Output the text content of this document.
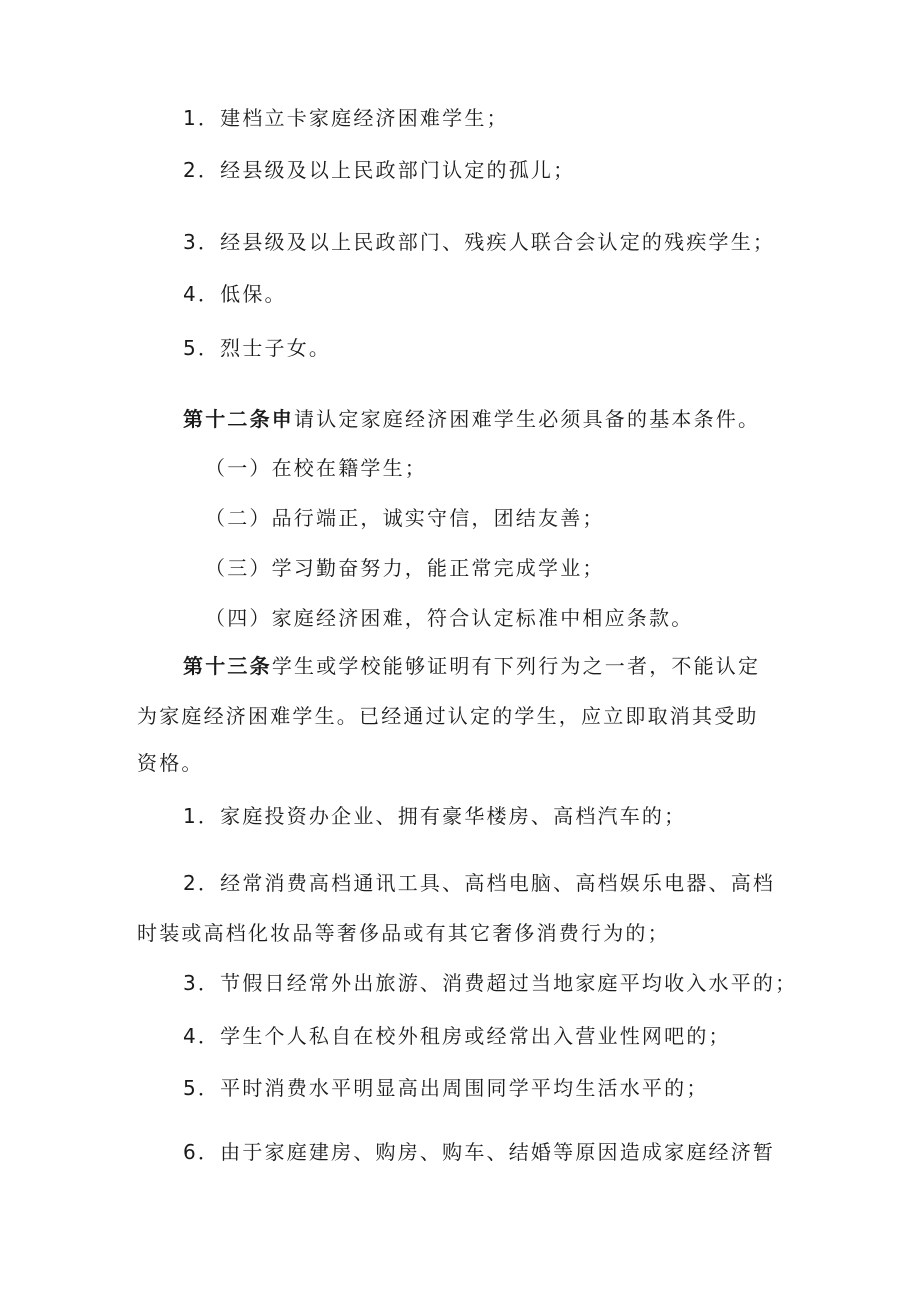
1．建档立卡家庭经济困难学生；
2．经县级及以上民政部门认定的孤儿；
3．经县级及以上民政部门、残疾人联合会认定的残疾学生；
4．低保。
5．烈士子女。
第十二条申请认定家庭经济困难学生必须具备的基本条件。
（一）在校在籍学生；
（二）品行端正，诚实守信，团结友善；
（三）学习勤奋努力，能正常完成学业；
（四）家庭经济困难，符合认定标准中相应条款。
第十三条学生或学校能够证明有下列行为之一者，不能认定
为家庭经济困难学生。已经通过认定的学生，应立即取消其受助
资格。
1．家庭投资办企业、拥有豪华楼房、高档汽车的；
2．经常消费高档通讯工具、高档电脑、高档娱乐电器、高档
时装或高档化妆品等奢侈品或有其它奢侈消费行为的；
3．节假日经常外出旅游、消费超过当地家庭平均收入水平的；
4．学生个人私自在校外租房或经常出入营业性网吧的；
5．平时消费水平明显高出周围同学平均生活水平的；
6．由于家庭建房、购房、购车、结婚等原因造成家庭经济暂
